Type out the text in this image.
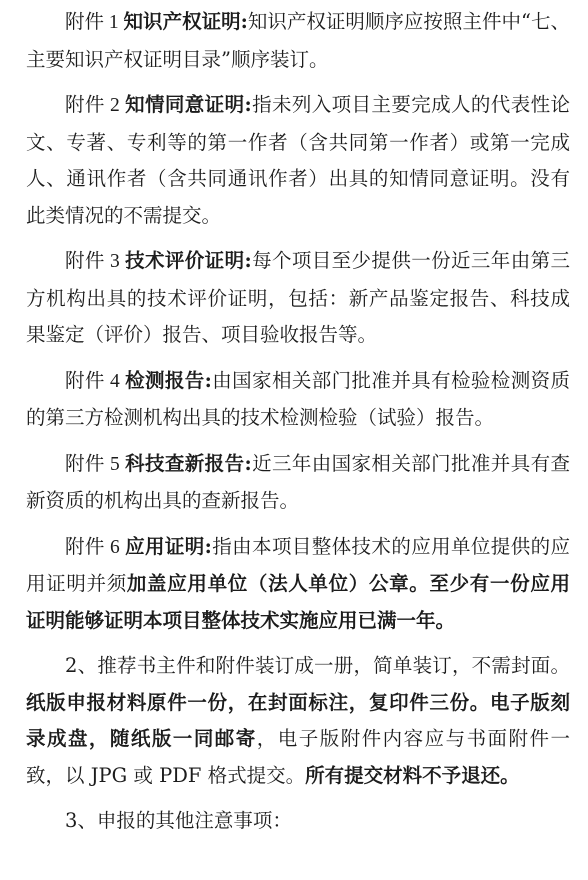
附件 1 知识产权证明:知识产权证明顺序应按照主件中“七、主要知识产权证明目录”顺序装订。

附件 2 知情同意证明:指未列入项目主要完成人的代表性论文、专著、专利等的第一作者（含共同第一作者）或第一完成人、通讯作者（含共同通讯作者）出具的知情同意证明。没有此类情况的不需提交。

附件 3 技术评价证明:每个项目至少提供一份近三年由第三方机构出具的技术评价证明，包括：新产品鉴定报告、科技成果鉴定（评价）报告、项目验收报告等。

附件 4 检测报告:由国家相关部门批准并具有检验检测资质的第三方检测机构出具的技术检测检验（试验）报告。

附件 5 科技查新报告:近三年由国家相关部门批准并具有查新资质的机构出具的查新报告。

附件 6 应用证明:指由本项目整体技术的应用单位提供的应用证明并须加盖应用单位（法人单位）公章。至少有一份应用证明能够证明本项目整体技术实施应用已满一年。

2、推荐书主件和附件装订成一册，简单装订，不需封面。纸版申报材料原件一份，在封面标注，复印件三份。电子版刻录成盘，随纸版一同邮寄，电子版附件内容应与书面附件一致，以 JPG 或 PDF 格式提交。所有提交材料不予退还。

3、申报的其他注意事项：
